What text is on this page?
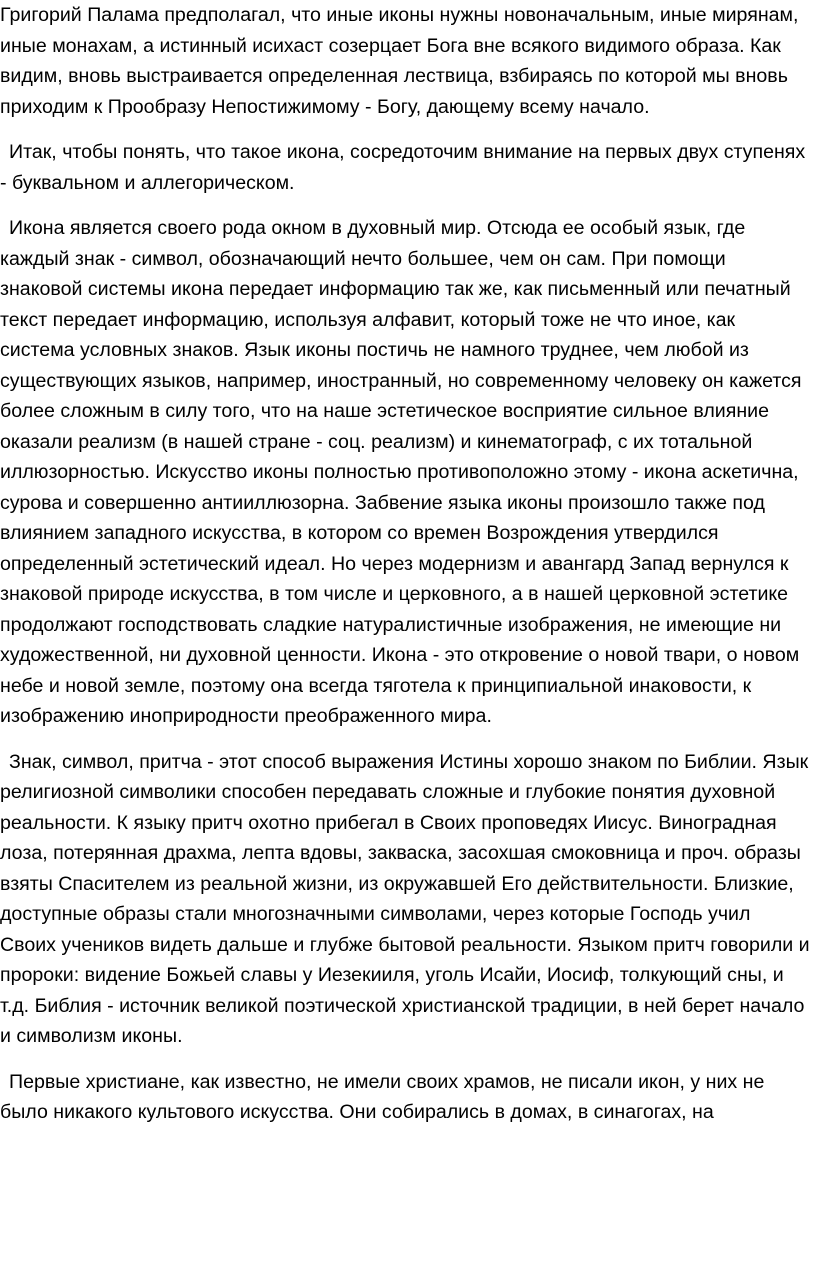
Григорий Палама предполагал, что иные иконы нужны новоначальным, иные мирянам, иные монахам, а истинный исихаст созерцает Бога вне всякого видимого образа. Как видим, вновь выстраивается определенная лествица, взбираясь по которой мы вновь приходим к Прообразу Непостижимому - Богу, дающему всему начало.

Итак, чтобы понять, что такое икона, сосредоточим внимание на первых двух ступенях - буквальном и аллегорическом.

Икона является своего рода окном в духовный мир. Отсюда ее особый язык, где каждый знак - символ, обозначающий нечто большее, чем он сам. При помощи знаковой системы икона передает информацию так же, как письменный или печатный текст передает информацию, используя алфавит, который тоже не что иное, как система условных знаков. Язык иконы постичь не намного труднее, чем любой из существующих языков, например, иностранный, но современному человеку он кажется более сложным в силу того, что на наше эстетическое восприятие сильное влияние оказали реализм (в нашей стране - соц. реализм) и кинематограф, с их тотальной иллюзорностью. Искусство иконы полностью противоположно этому - икона аскетична, сурова и совершенно антииллюзорна. Забвение языка иконы произошло также под влиянием западного искусства, в котором со времен Возрождения утвердился определенный эстетический идеал. Но через модернизм и авангард Запад вернулся к знаковой природе искусства, в том числе и церковного, а в нашей церковной эстетике продолжают господствовать сладкие натуралистичные изображения, не имеющие ни художественной, ни духовной ценности. Икона - это откровение о новой твари, о новом небе и новой земле, поэтому она всегда тяготела к принципиальной инаковости, к изображению иноприродности преображенного мира.

Знак, символ, притча - этот способ выражения Истины хорошо знаком по Библии. Язык религиозной символики способен передавать сложные и глубокие понятия духовной реальности. К языку притч охотно прибегал в Своих проповедях Иисус. Виноградная лоза, потерянная драхма, лепта вдовы, закваска, засохшая смоковница и проч. образы взяты Спасителем из реальной жизни, из окружавшей Его действительности. Близкие, доступные образы стали многозначными символами, через которые Господь учил Своих учеников видеть дальше и глубже бытовой реальности. Языком притч говорили и пророки: видение Божьей славы у Иезекииля, уголь Исайи, Иосиф, толкующий сны, и т.д. Библия - источник великой поэтической христианской традиции, в ней берет начало и символизм иконы.

Первые христиане, как известно, не имели своих храмов, не писали икон, у них не было никакого культового искусства. Они собирались в домах, в синагогах, на
